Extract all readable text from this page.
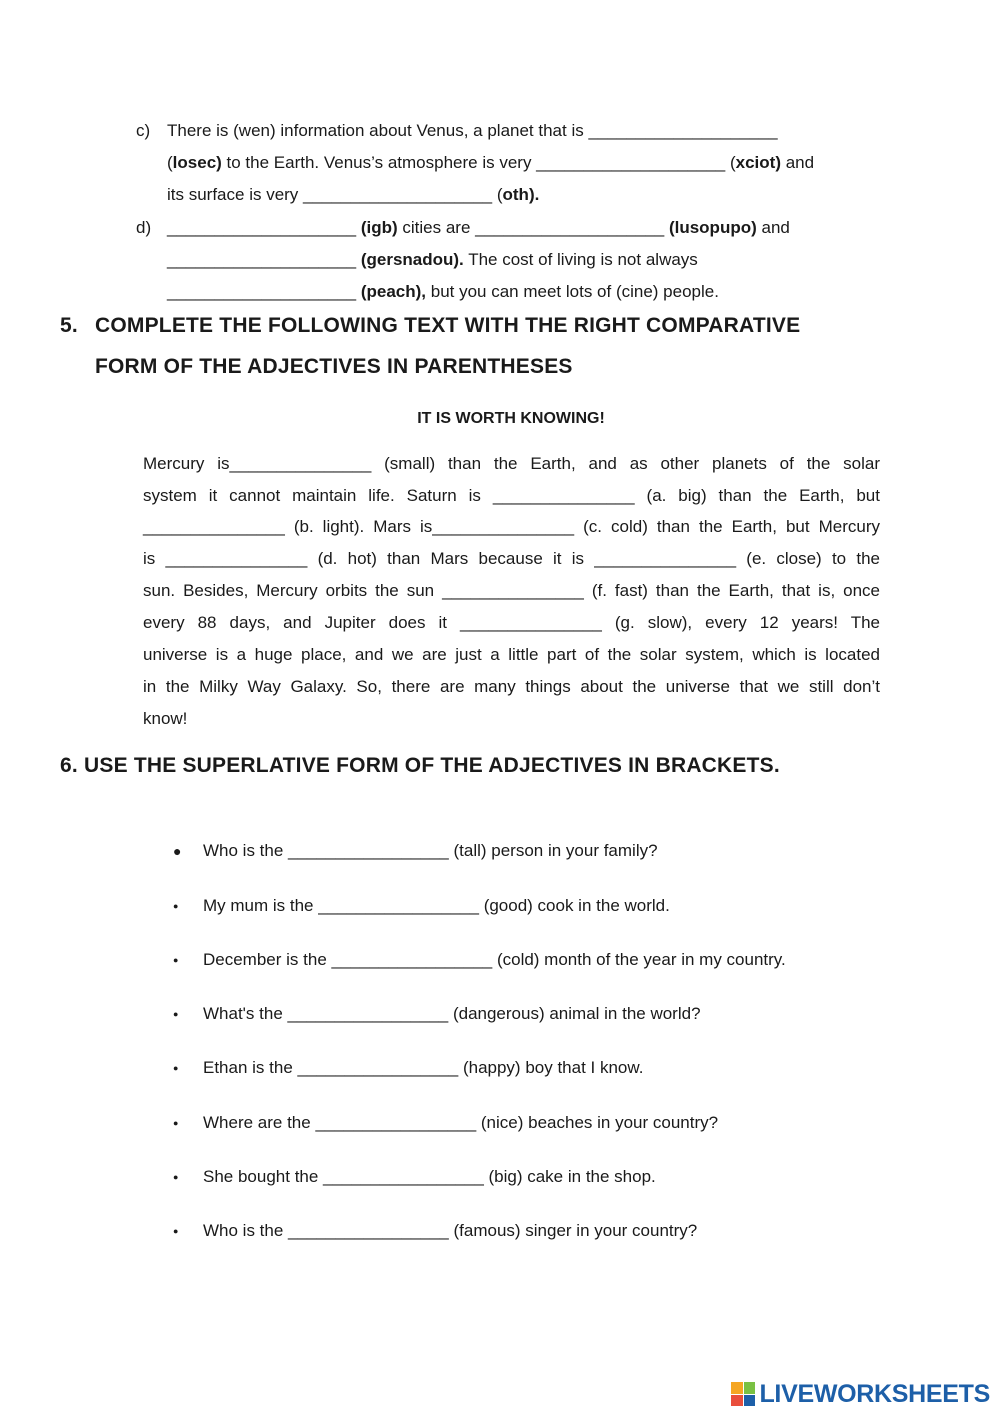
c) There is (wen) information about Venus, a planet that is ____________________
(losec) to the Earth. Venus’s atmosphere is very ____________________ (xciot) and
its surface is very ____________________ (oth).
d) ____________________ (igb) cities are ____________________ (lusopupo) and
____________________ (gersnadou). The cost of living is not always
____________________ (peach), but you can meet lots of (cine) people.
5. COMPLETE THE FOLLOWING TEXT WITH THE RIGHT COMPARATIVE
FORM OF THE ADJECTIVES IN PARENTHESES
IT IS WORTH KNOWING!
Mercury is_______________ (small) than the Earth, and as other planets of the solar
system it cannot maintain life. Saturn is _______________ (a. big) than the Earth, but
_______________ (b. light). Mars is_______________ (c. cold) than the Earth, but Mercury
is _______________ (d. hot) than Mars because it is _______________ (e. close) to the
sun. Besides, Mercury orbits the sun _______________ (f. fast) than the Earth, that is, once
every 88 days, and Jupiter does it _______________ (g. slow), every 12 years! The
universe is a huge place, and we are just a little part of the solar system, which is located
in the Milky Way Galaxy. So, there are many things about the universe that we still don’t
know!
6. USE THE SUPERLATIVE FORM OF THE ADJECTIVES IN BRACKETS.
● Who is the _________________ (tall) person in your family?
● My mum is the _________________ (good) cook in the world.
● December is the _________________ (cold) month of the year in my country.
● What's the _________________ (dangerous) animal in the world?
● Ethan is the _________________ (happy) boy that I know.
● Where are the _________________ (nice) beaches in your country?
● She bought the _________________ (big) cake in the shop.
● Who is the _________________ (famous) singer in your country?
LIVEWORKSHEETS
